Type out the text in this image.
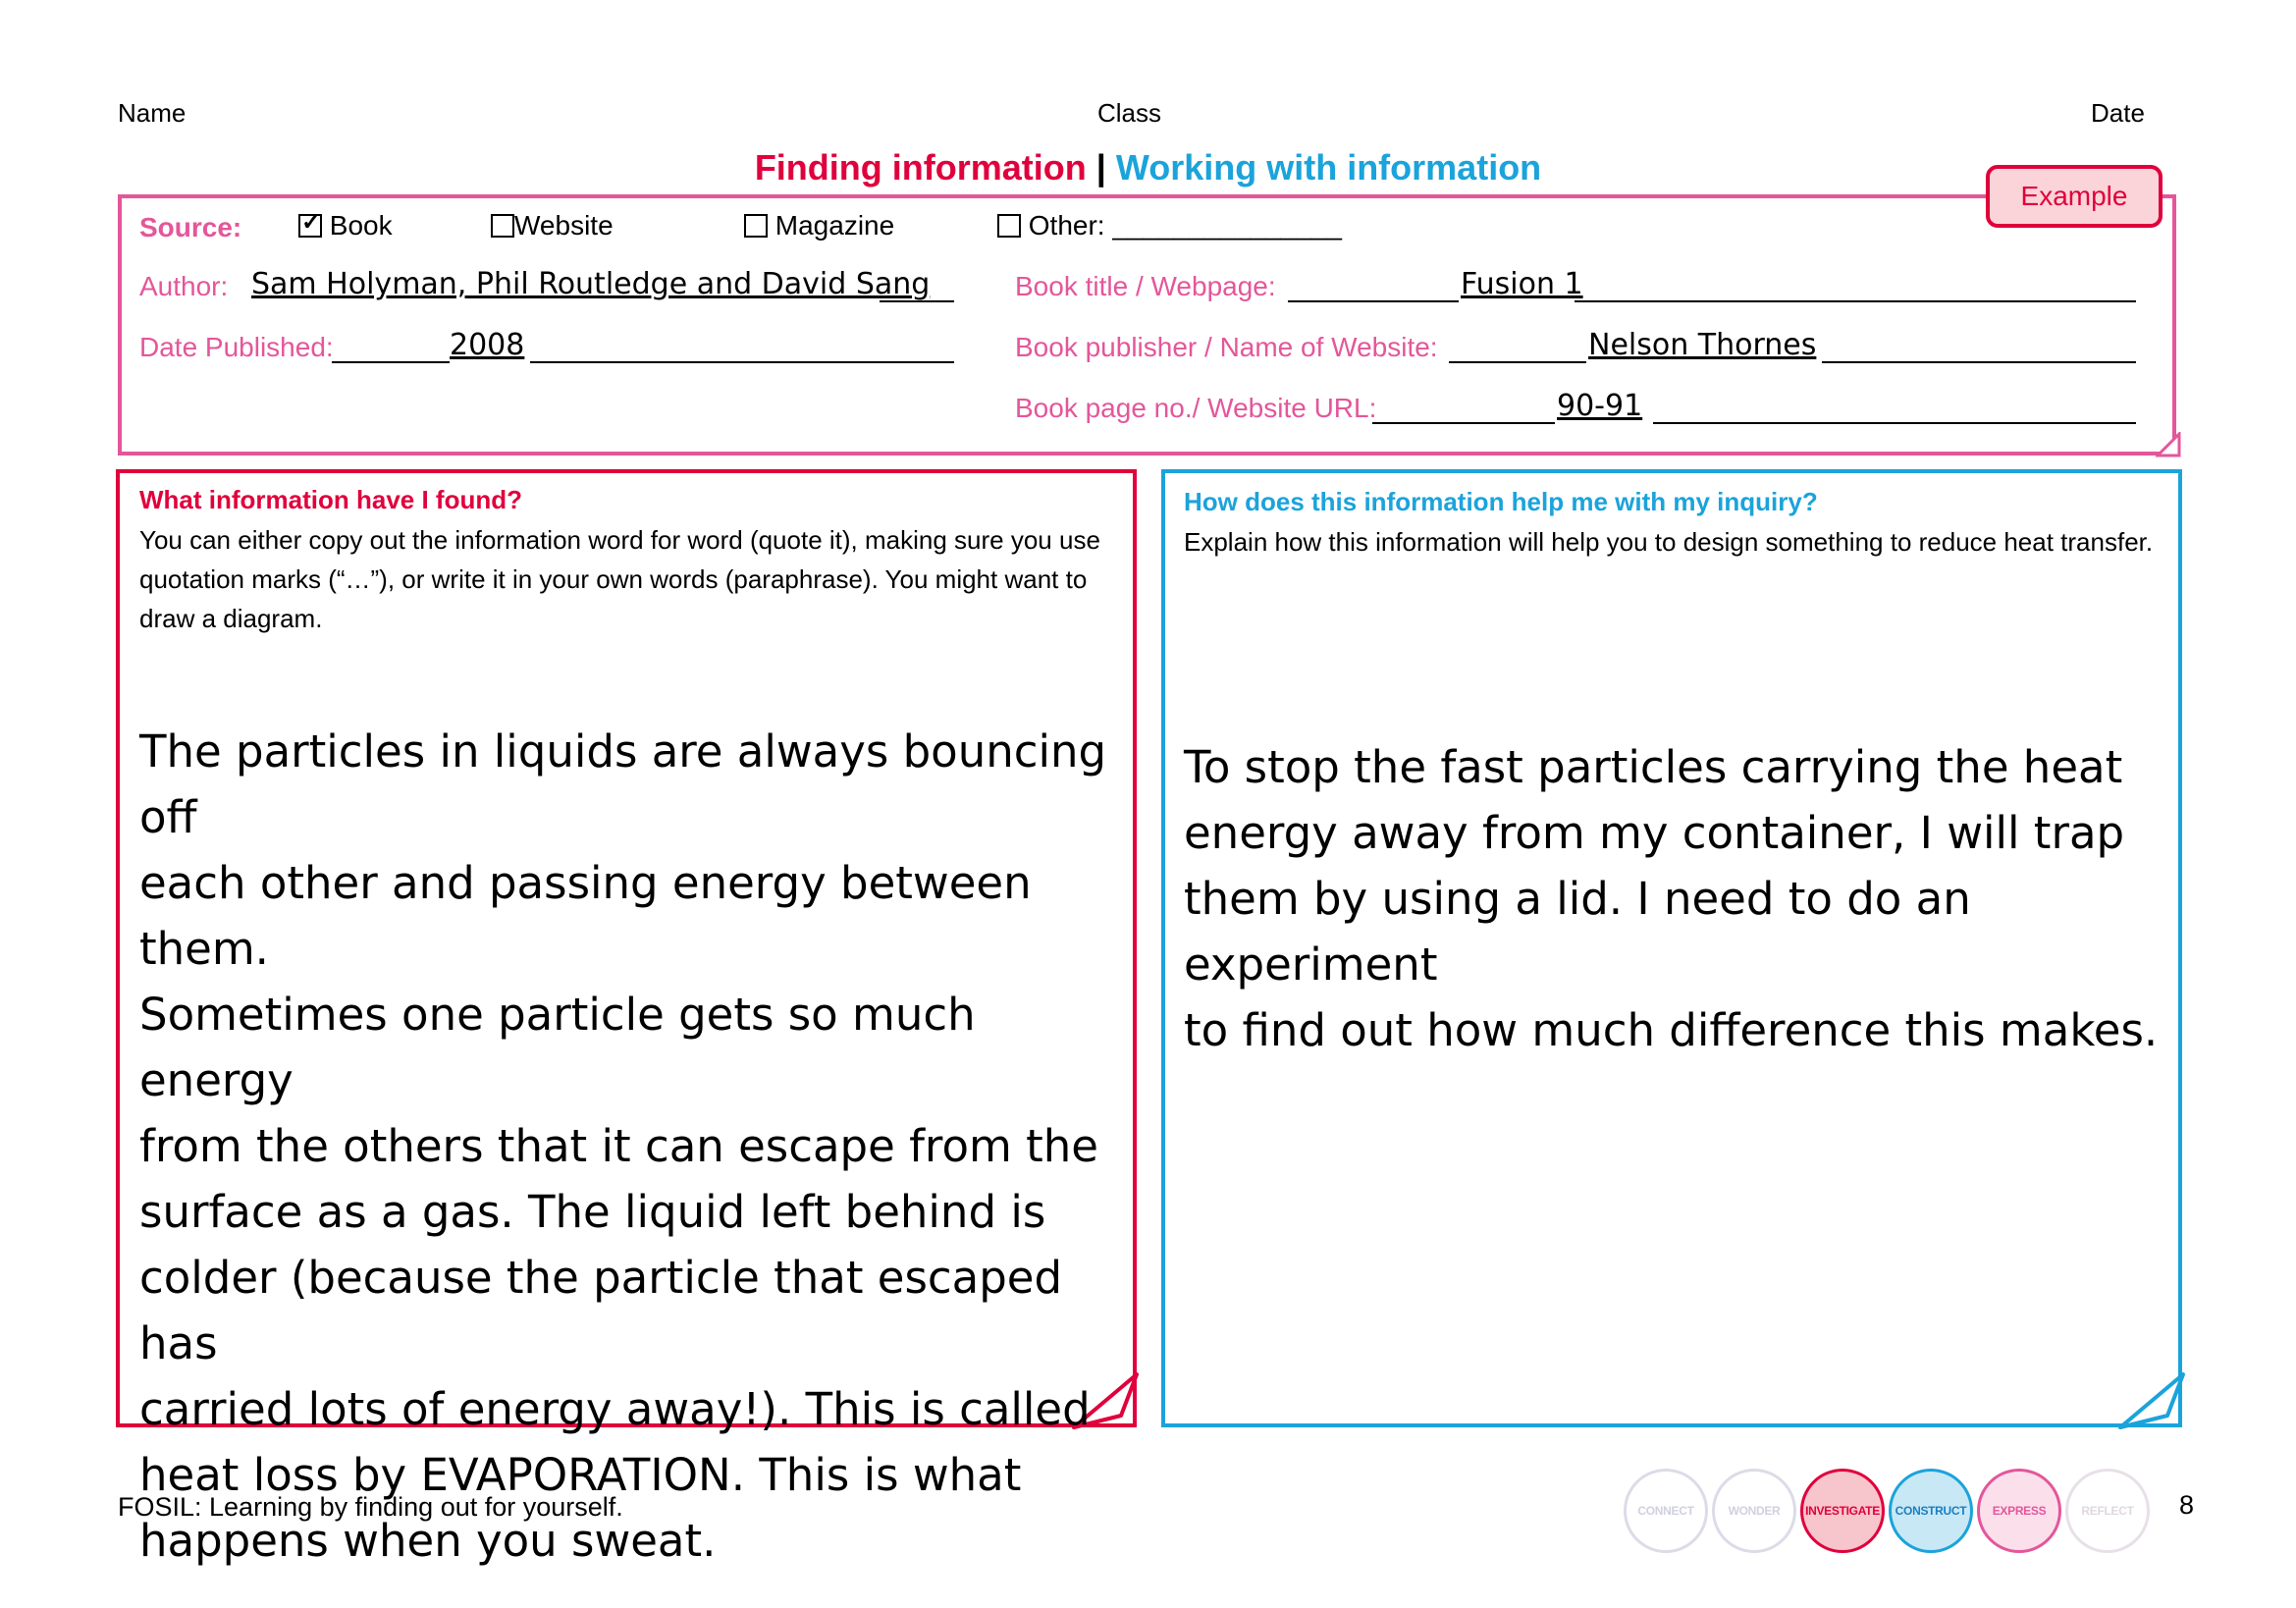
Name	Class	Date
Finding information | Working with information
Example
Source:
✓	Book	Website	Magazine	Other: _______________
Author: Sam Holyman, Phil Routledge and David Sang
Date Published:	2008
Book title / Webpage:	Fusion 1
Book publisher / Name of Website:	Nelson Thornes
Book page no./ Website URL:	90-91
What information have I found?
You can either copy out the information word for word (quote it), making sure you use quotation marks (“…”), or write it in your own words (paraphrase). You might want to draw a diagram.
The particles in liquids are always bouncing off
each other and passing energy between them.
Sometimes one particle gets so much energy
from the others that it can escape from the
surface as a gas. The liquid left behind is
colder (because the particle that escaped has
carried lots of energy away!). This is called
heat loss by EVAPORATION. This is what
happens when you sweat.
How does this information help me with my inquiry?
Explain how this information will help you to design something to reduce heat transfer.
To stop the fast particles carrying the heat
energy away from my container, I will trap
them by using a lid. I need to do an experiment
to find out how much difference this makes.
FOSIL: Learning by finding out for yourself.	8
CONNECT	WONDER	INVESTIGATE	CONSTRUCT	EXPRESS	REFLECT
